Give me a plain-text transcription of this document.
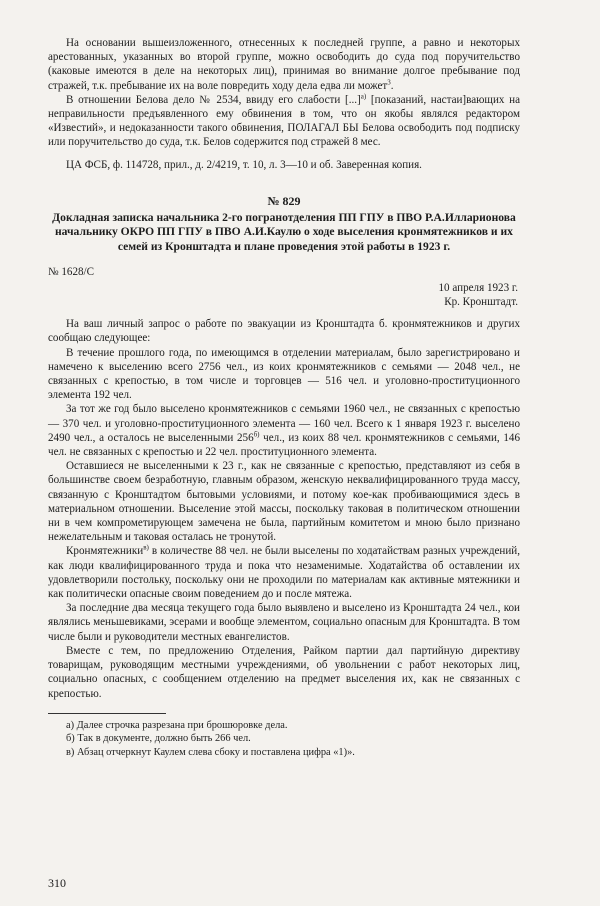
На основании вышеизложенного, отнесенных к последней группе, а равно и некоторых арестованных, указанных во второй группе, можно освободить до суда под поручительство (каковые имеются в деле на некоторых лиц), принимая во внимание долгое пребывание под стражей, т.к. пребывание их на воле повредить ходу дела едва ли может$^3$.

В отношении Белова дело № 2534, ввиду его слабости [...]$^{а)}$ [показаний, настаи]вающих на неправильности предъявленного ему обвинения в том, что он якобы являлся редактором «Известий», и недоказанности такого обвинения, ПОЛАГАЛ БЫ Белова освободить под подписку или поручительство до суда, т.к. Белов содержится под стражей 8 мес.

ЦА ФСБ, ф. 114728, прил., д. 2/4219, т. 10, л. 3—10 и об. Заверенная копия.

№ 829
Докладная записка начальника 2-го погранотделения ПП ГПУ в ПВО Р.А.Илларионова начальнику ОКРО ПП ГПУ в ПВО А.И.Каулю о ходе выселения кронмятежников и их семей из Кронштадта и плане проведения этой работы в 1923 г.

№ 1628/С

10 апреля 1923 г.

Кр. Кронштадт.

На ваш личный запрос о работе по эвакуации из Кронштадта б. кронмятежников и других сообщаю следующее:

В течение прошлого года, по имеющимся в отделении материалам, было зарегистрировано и намечено к выселению всего 2756 чел., из коих кронмятежников с семьями — 2048 чел., не связанных с крепостью, в том числе и торговцев — 516 чел. и уголовно-проституционного элемента 192 чел.

За тот же год было выселено кронмятежников с семьями 1960 чел., не связанных с крепостью — 370 чел. и уголовно-проституционного элемента — 160 чел. Всего к 1 января 1923 г. выселено 2490 чел., а осталось не выселенными $256^{б)}$ чел., из коих 88 чел. кронмятежников с семьями, 146 чел. не связанных с крепостью и 22 чел. проституционного элемента.

Оставшиеся не выселенными к 23 г., как не связанные с крепостью, представляют из себя в большинстве своем безработную, главным образом, женскую неквалифицированного труда массу, связанную с Кронштадтом бытовыми условиями, и потому кое-как пробивающимися здесь в материальном отношении. Выселение этой массы, поскольку таковая в политическом отношении ни в чем компрометирующем замечена не была, партийным комитетом и мною было признано нежелательным и таковая осталась не тронутой.

Кронмятежники$^{в)}$ в количестве 88 чел. не были выселены по ходатайствам разных учреждений, как люди квалифицированного труда и пока что незаменимые. Ходатайства об оставлении их удовлетворили постольку, поскольку они не проходили по материалам как активные мятежники и как политически опасные своим поведением до и после мятежа.

За последние два месяца текущего года было выявлено и выселено из Кронштадта 24 чел., кои являлись меньшевиками, эсерами и вообще элементом, социально опасным для Кронштадта. В том числе были и руководители местных евангелистов.

Вместе с тем, по предложению Отделения, Райком партии дал партийную директиву товарищам, руководящим местными учреждениями, об увольнении с работ некоторых лиц, социально опасных, с сообщением отделению на предмет выселения их, как не связанных с крепостью.

а) Далее строчка разрезана при брошюровке дела.

б) Так в документе, должно быть 266 чел.

в) Абзац отчеркнут Каулем слева сбоку и поставлена цифра «1)».

310
